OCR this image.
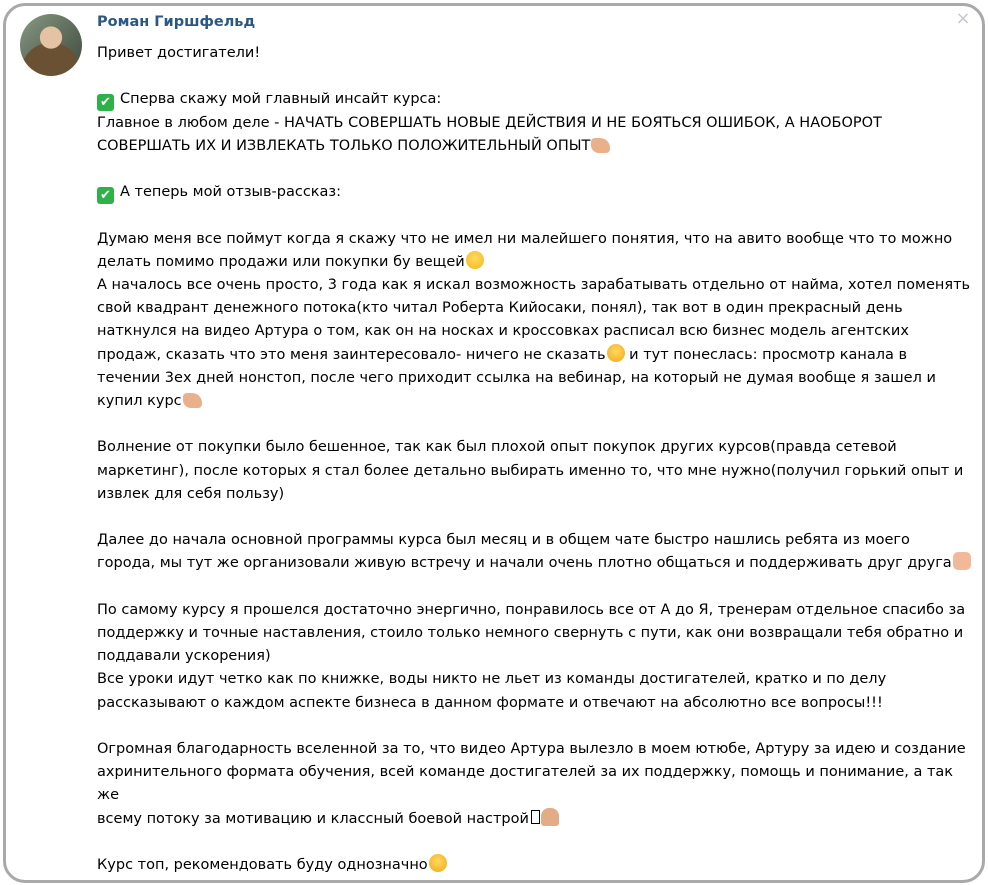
×
Роман Гиршфельд

Привет достигатели!

✔ Сперва скажу мой главный инсайт курса:

Главное в любом деле - НАЧАТЬ СОВЕРШАТЬ НОВЫЕ ДЕЙСТВИЯ И НЕ БОЯТЬСЯ ОШИБОК, А НАОБОРОТ

СОВЕРШАТЬ ИХ И ИЗВЛЕКАТЬ ТОЛЬКО ПОЛОЖИТЕЛЬНЫЙ ОПЫТ

✔ А теперь мой отзыв-рассказ:

Думаю меня все поймут когда я скажу что не имел ни малейшего понятия, что на авито вообще что то можно

делать помимо продажи или покупки бу вещей

А началось все очень просто, 3 года как я искал возможность зарабатывать отдельно от найма, хотел поменять

свой квадрант денежного потока(кто читал Роберта Кийосаки, понял), так вот в один прекрасный день

наткнулся на видео Артура о том, как он на носках и кроссовках расписал всю бизнес модель агентских

продаж, сказать что это меня заинтересовало- ничего не сказать и тут понеслась: просмотр канала в

течении 3ех дней нонстоп, после чего приходит ссылка на вебинар, на который не думая вообще я зашел и

купил курс

Волнение от покупки было бешенное, так как был плохой опыт покупок других курсов(правда сетевой

маркетинг), после которых я стал более детально выбирать именно то, что мне нужно(получил горький опыт и

извлек для себя пользу)

Далее до начала основной программы курса был месяц и в общем чате быстро нашлись ребята из моего

города, мы тут же организовали живую встречу и начали очень плотно общаться и поддерживать друг друга

По самому курсу я прошелся достаточно энергично, понравилось все от А до Я, тренерам отдельное спасибо за

поддержку и точные наставления, стоило только немного свернуть с пути, как они возвращали тебя обратно и

поддавали ускорения)

Все уроки идут четко как по книжке, воды никто не льет из команды достигателей, кратко и по делу

рассказывают о каждом аспекте бизнеса в данном формате и отвечают на абсолютно все вопросы!!!

Огромная благодарность вселенной за то, что видео Артура вылезло в моем ютюбе, Артуру за идею и создание

ахринительного формата обучения, всей команде достигателей за их поддержку, помощь и понимание, а так же

всему потоку за мотивацию и классный боевой настрой

Курс топ, рекомендовать буду однозначно
